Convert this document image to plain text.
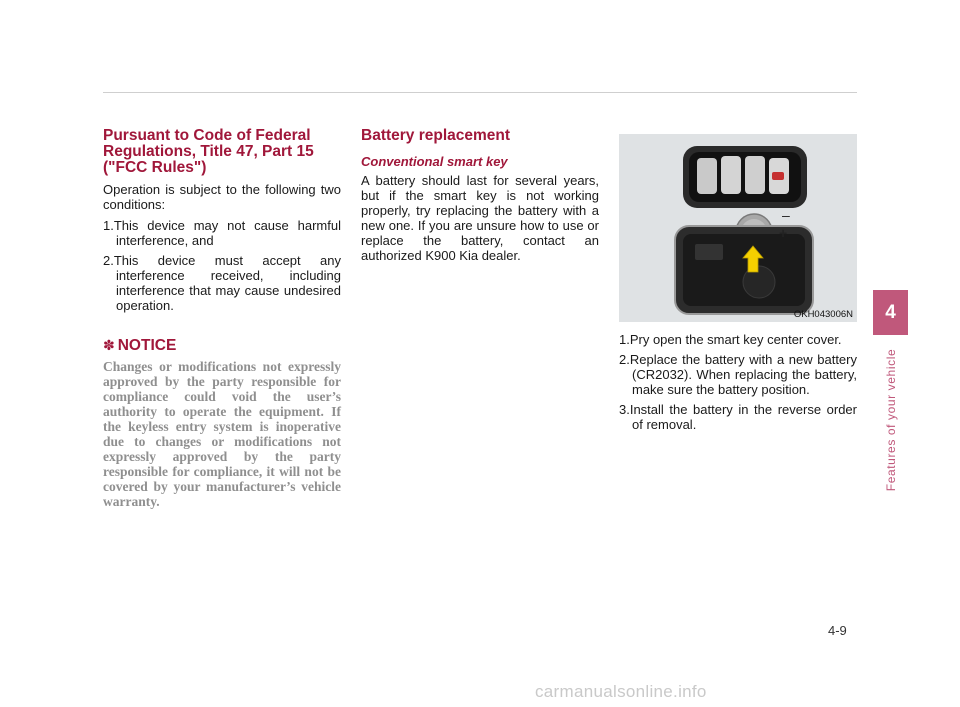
Pursuant to Code of Federal Regulations, Title 47, Part 15 ("FCC Rules")

Operation is subject to the following two conditions:

1.This device may not cause harmful interference, and
2.This device must accept any interference received, including interference that may cause undesired operation.
✽ NOTICE

Changes or modifications not expressly approved by the party responsible for compliance could void the user’s authority to operate the equipment. If the keyless entry system is inoperative due to changes or modifications not expressly approved by the party responsible for compliance, it will not be covered by your manufacturer’s vehicle warranty.

Battery replacement
Conventional smart key

A battery should last for several years, but if the smart key is not working properly, try replacing the battery with a new one. If you are unsure how to use or replace the battery, contact an authorized K900 Kia dealer.

–
+
OKH043006N
1.Pry open the smart key center cover.
2.Replace the battery with a new battery (CR2032). When replacing the battery, make sure the battery position.
3.Install the battery in the reverse order of removal.
4
Features of your vehicle
4-9
carmanualsonline.info
